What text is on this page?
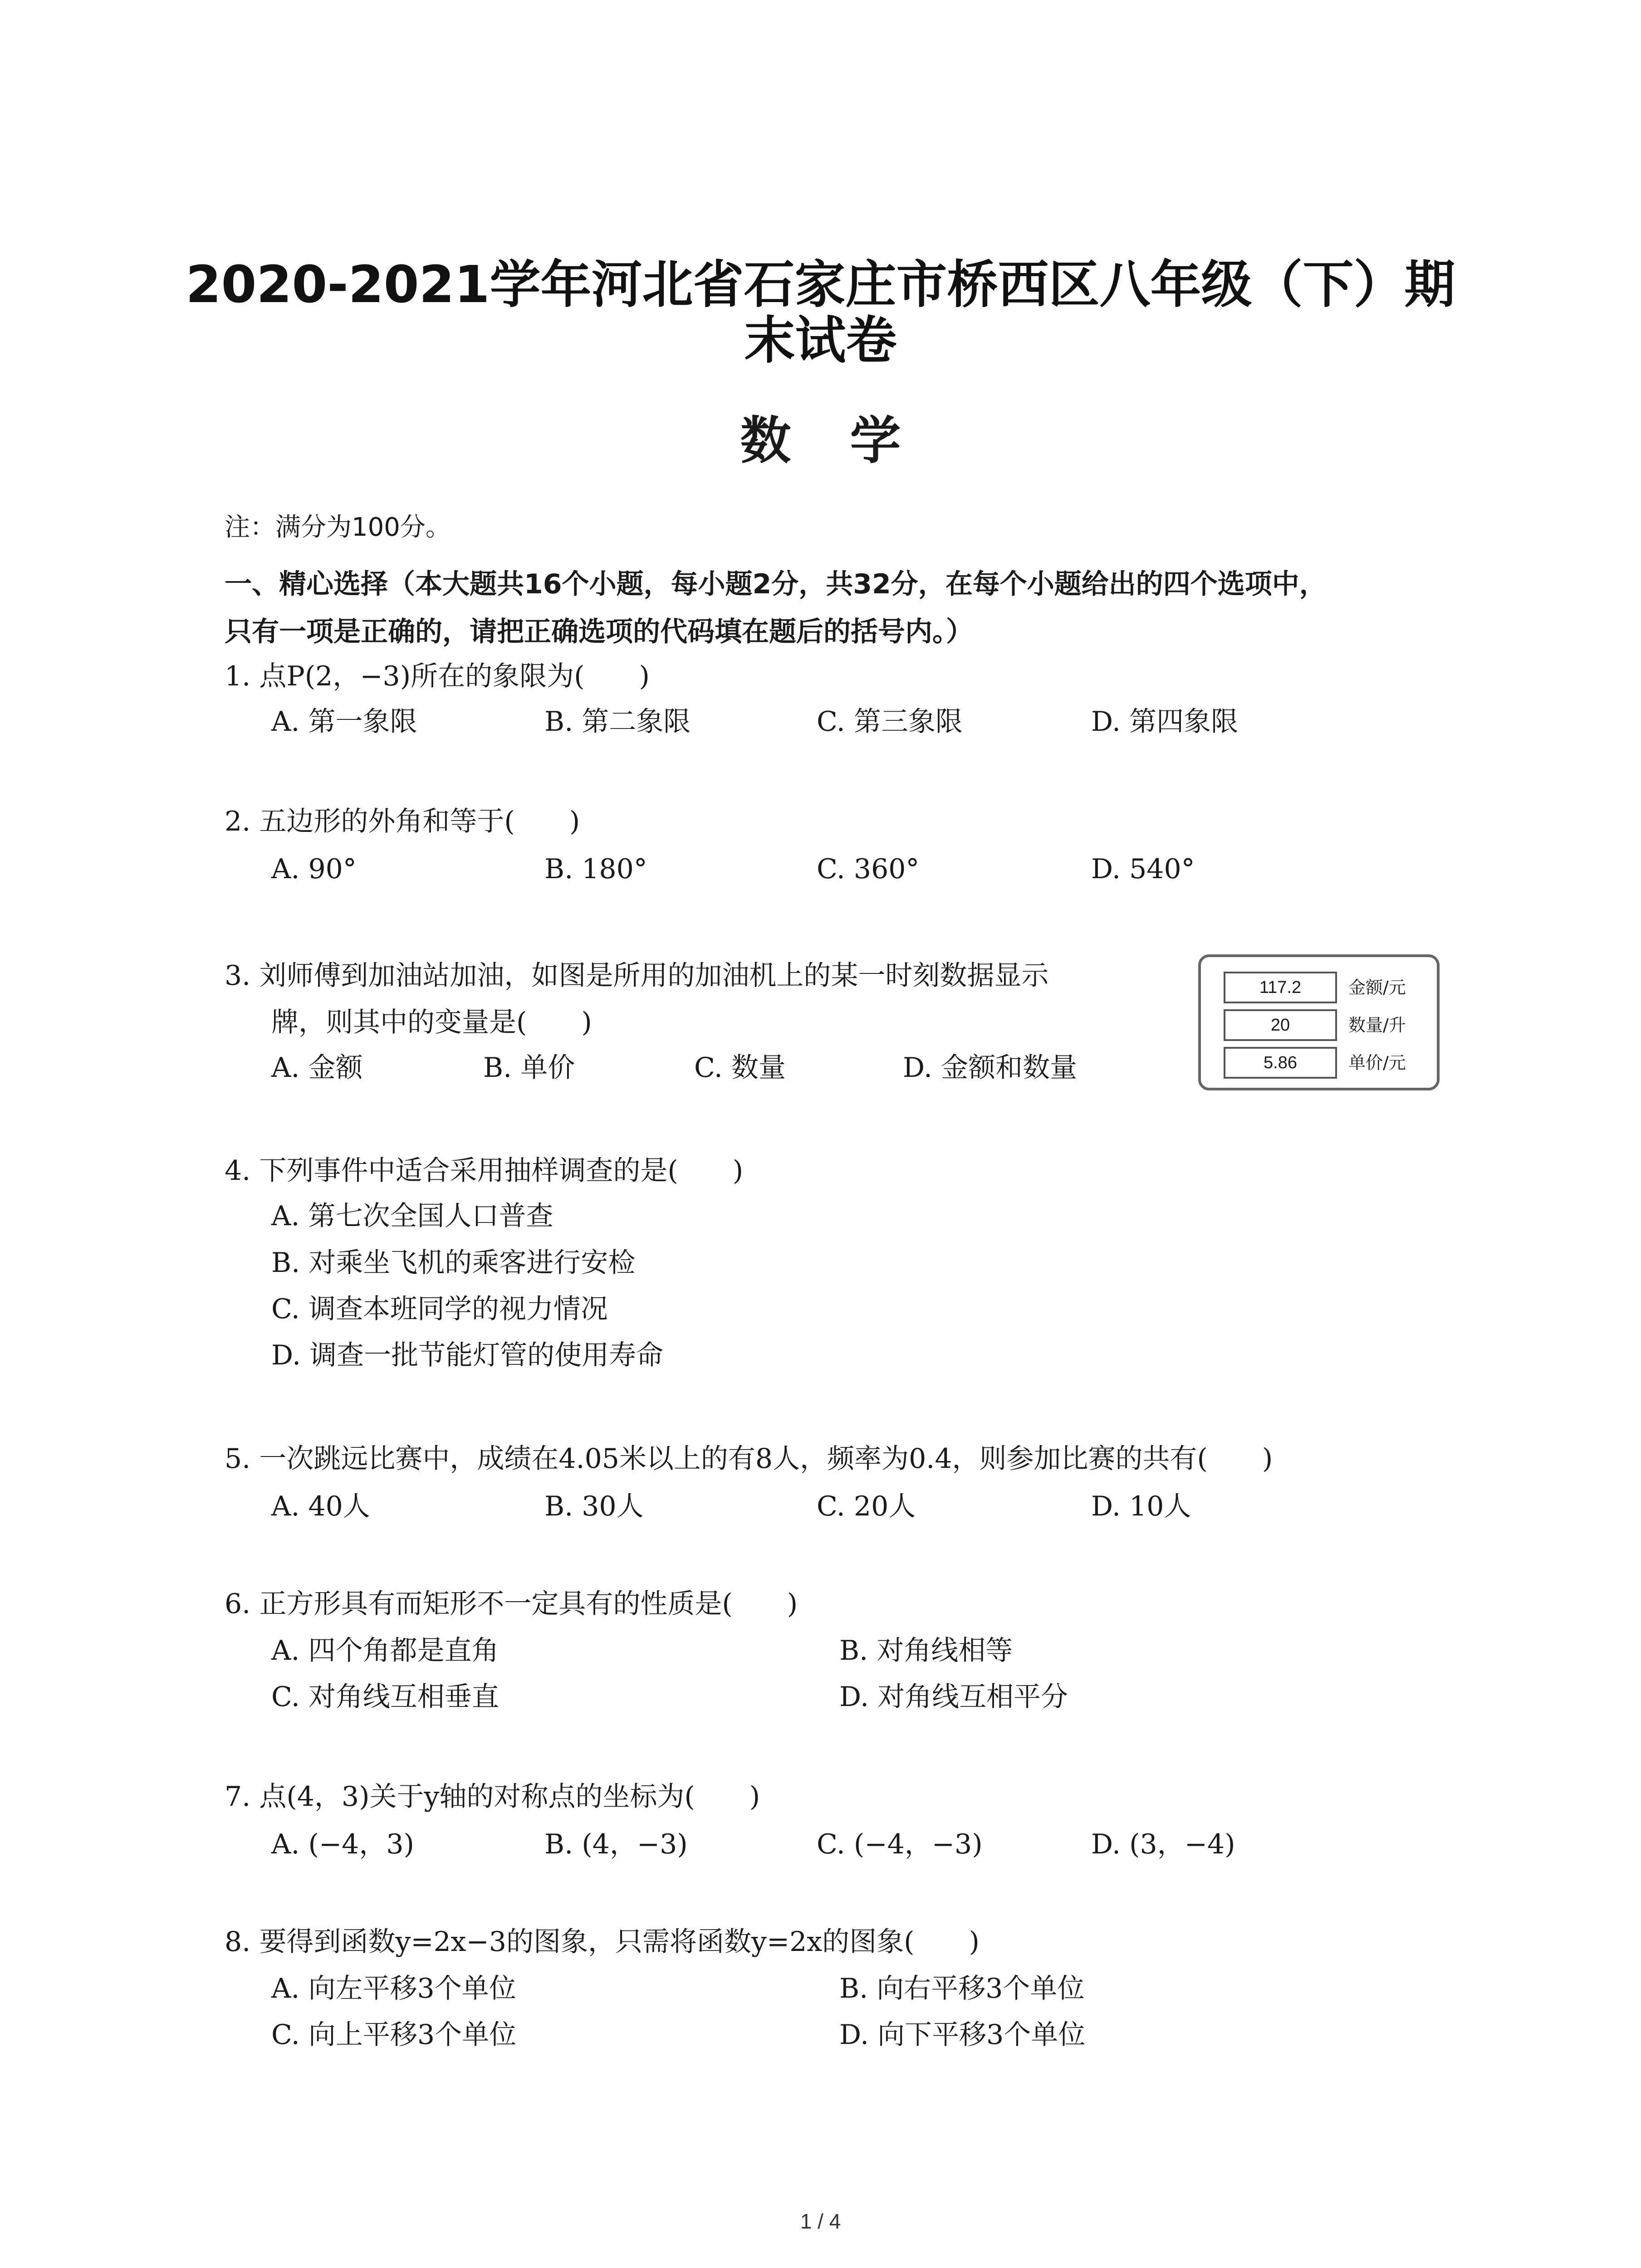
2020-2021学年河北省石家庄市桥西区八年级（下）期
末试卷
数学
注：满分为100分。
一、精心选择（本大题共16个小题，每小题2分，共32分，在每个小题给出的四个选项中，
只有一项是正确的，请把正确选项的代码填在题后的括号内。）
1. 点P(2，−3)所在的象限为(　　)
A. 第一象限	B. 第二象限	C. 第三象限	D. 第四象限
2. 五边形的外角和等于(　　)
A. 90°	B. 180°	C. 360°	D. 540°
3. 刘师傅到加油站加油，如图是所用的加油机上的某一时刻数据显示
牌，则其中的变量是(　　)
A. 金额	B. 单价	C. 数量	D. 金额和数量
117.2	金额/元
20	数量/升
5.86	单价/元
4. 下列事件中适合采用抽样调查的是(　　)
A. 第七次全国人口普查
B. 对乘坐飞机的乘客进行安检
C. 调查本班同学的视力情况
D. 调查一批节能灯管的使用寿命
5. 一次跳远比赛中，成绩在4.05米以上的有8人，频率为0.4，则参加比赛的共有(　　)
A. 40人	B. 30人	C. 20人	D. 10人
6. 正方形具有而矩形不一定具有的性质是(　　)
A. 四个角都是直角	B. 对角线相等
C. 对角线互相垂直	D. 对角线互相平分
7. 点(4，3)关于y轴的对称点的坐标为(　　)
A. (−4，3)	B. (4，−3)	C. (−4，−3)	D. (3，−4)
8. 要得到函数y=2x−3的图象，只需将函数y=2x的图象(　　)
A. 向左平移3个单位	B. 向右平移3个单位
C. 向上平移3个单位	D. 向下平移3个单位
1 / 4
